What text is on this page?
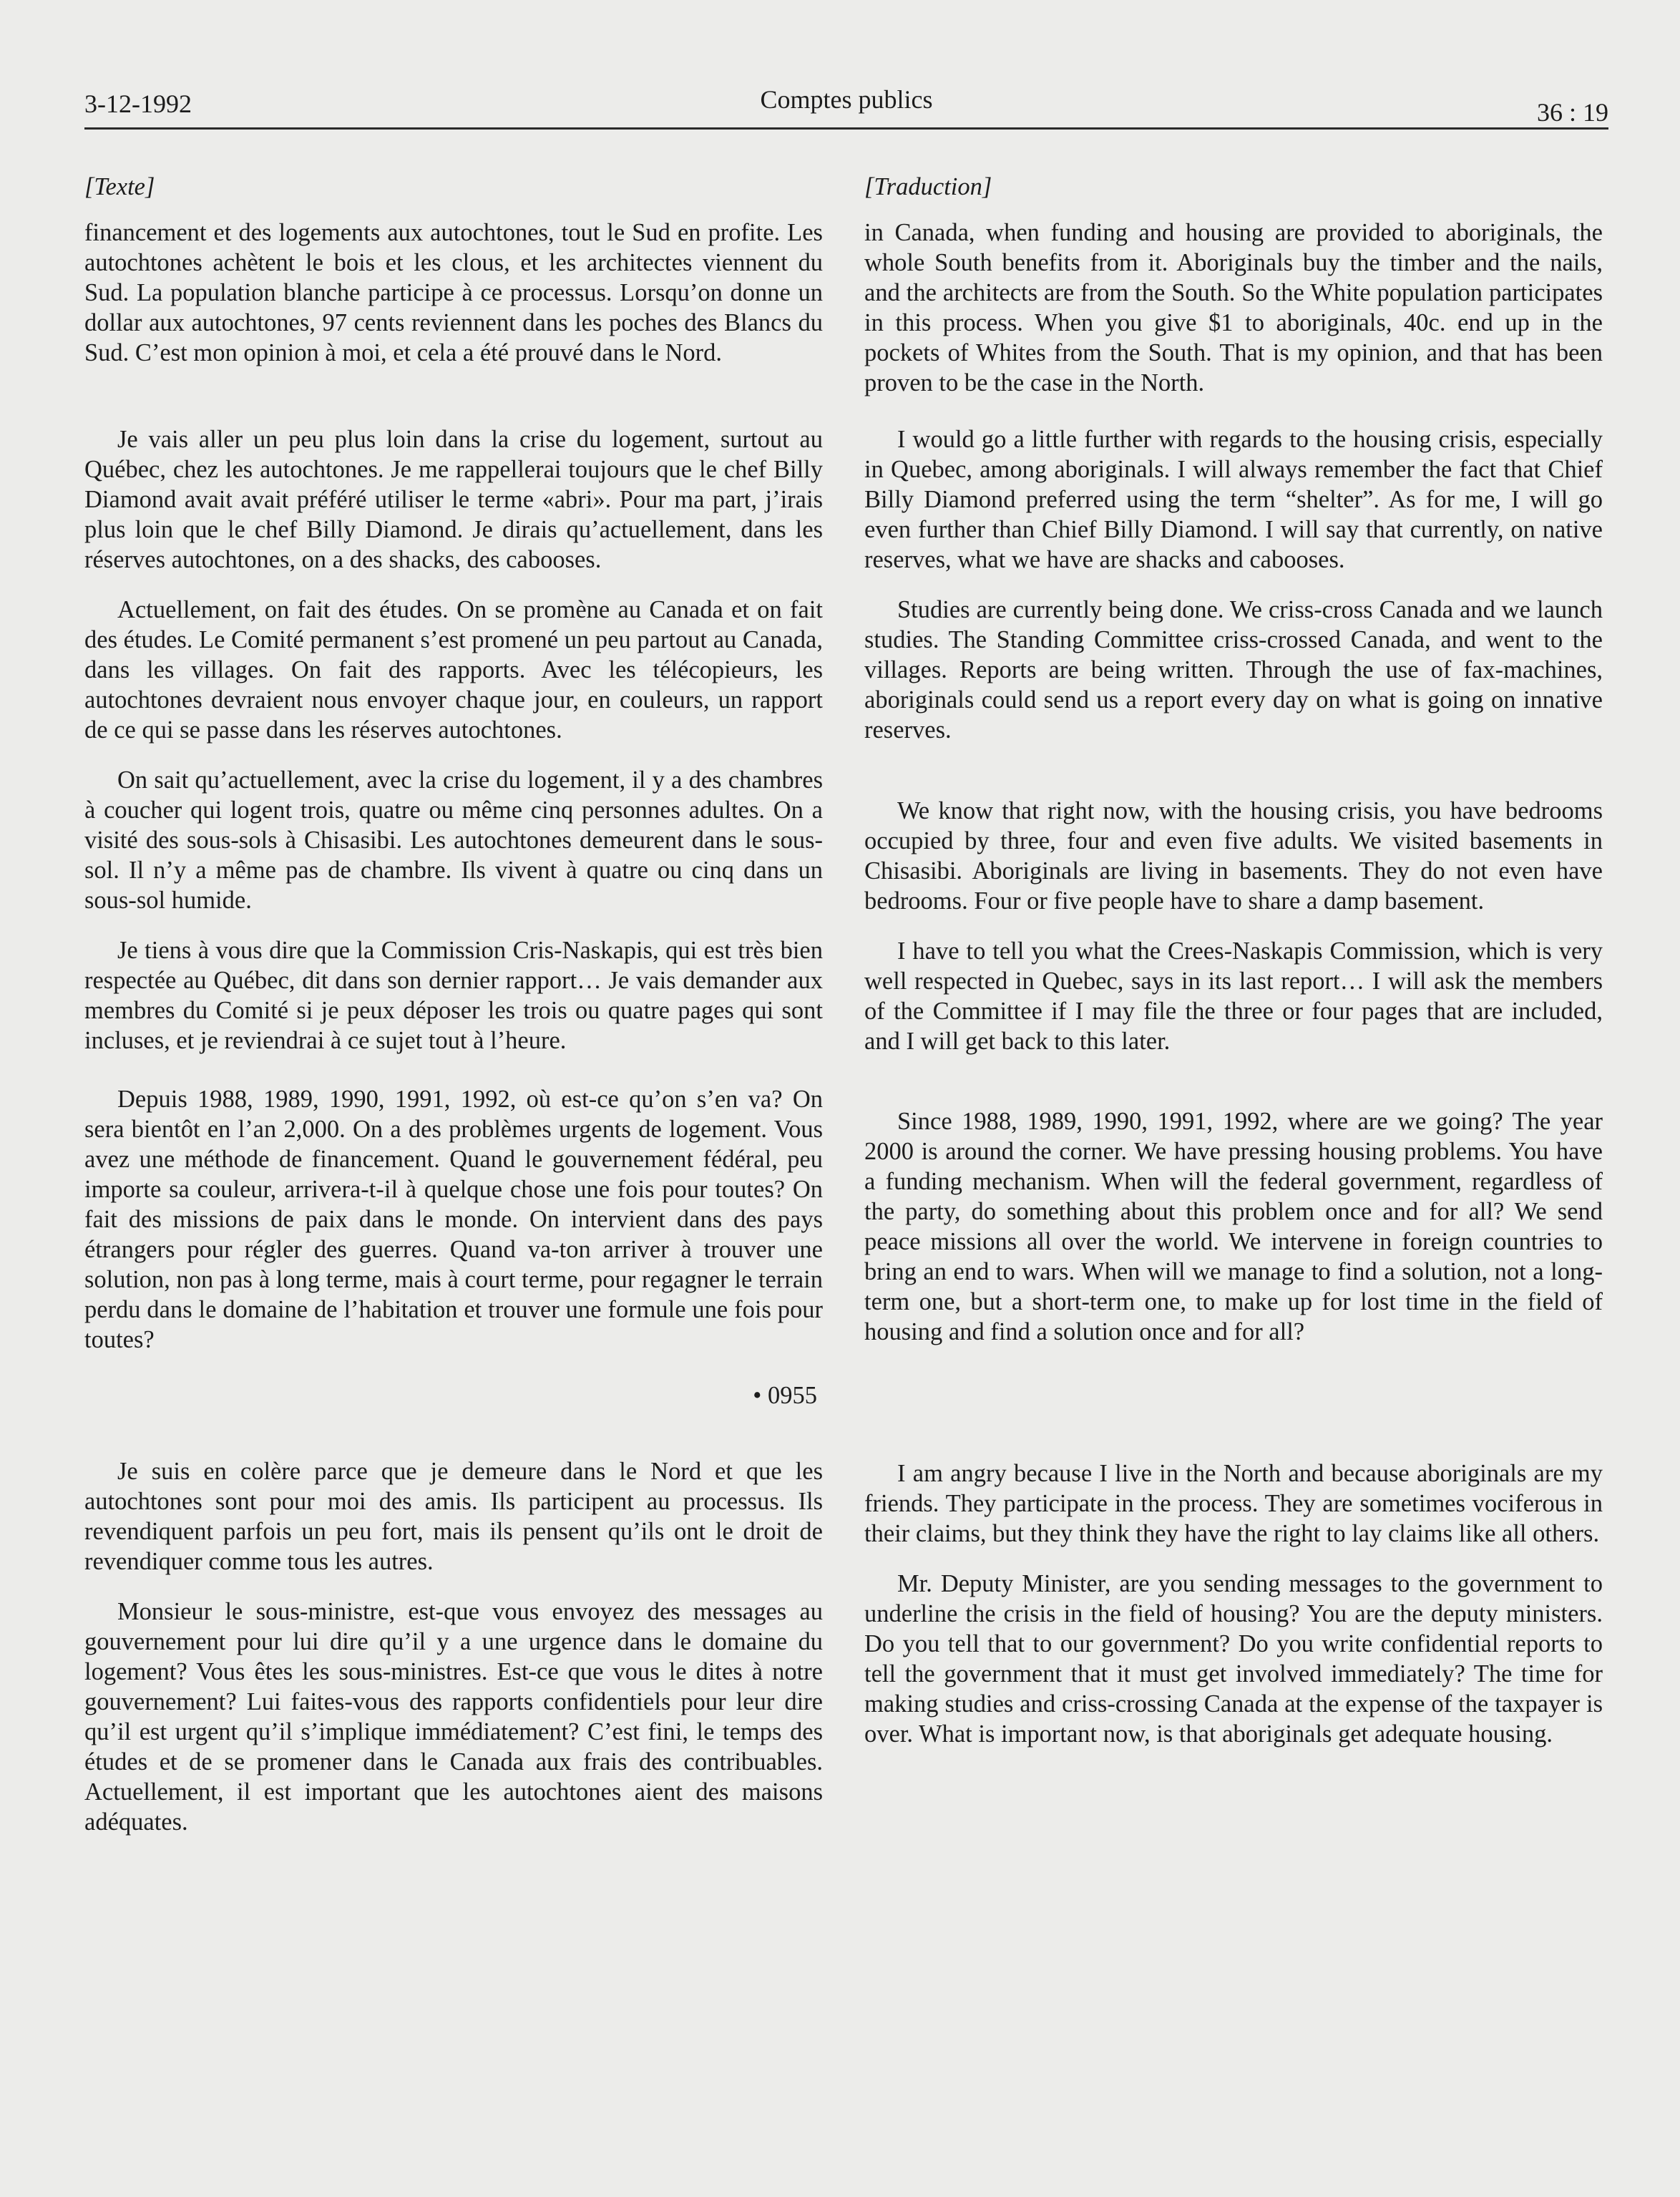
3-12-1992	Comptes publics	36 : 19
[Texte]

financement et des logements aux autochtones, tout le Sud en profite. Les autochtones achètent le bois et les clous, et les architectes viennent du Sud. La population blanche participe à ce processus. Lorsqu’on donne un dollar aux autochtones, 97 cents reviennent dans les poches des Blancs du Sud. C’est mon opinion à moi, et cela a été prouvé dans le Nord.

Je vais aller un peu plus loin dans la crise du logement, surtout au Québec, chez les autochtones. Je me rappellerai toujours que le chef Billy Diamond avait avait préféré utiliser le terme «abri». Pour ma part, j’irais plus loin que le chef Billy Diamond. Je dirais qu’actuellement, dans les réserves autochtones, on a des shacks, des cabooses.

Actuellement, on fait des études. On se promène au Canada et on fait des études. Le Comité permanent s’est promené un peu partout au Canada, dans les villages. On fait des rapports. Avec les télécopieurs, les autochtones devraient nous envoyer chaque jour, en couleurs, un rapport de ce qui se passe dans les réserves autochtones.

On sait qu’actuellement, avec la crise du logement, il y a des chambres à coucher qui logent trois, quatre ou même cinq personnes adultes. On a visité des sous-sols à Chisasibi. Les autochtones demeurent dans le sous-sol. Il n’y a même pas de chambre. Ils vivent à quatre ou cinq dans un sous-sol humide.

Je tiens à vous dire que la Commission Cris-Naskapis, qui est très bien respectée au Québec, dit dans son dernier rapport… Je vais demander aux membres du Comité si je peux déposer les trois ou quatre pages qui sont incluses, et je reviendrai à ce sujet tout à l’heure.

Depuis 1988, 1989, 1990, 1991, 1992, où est-ce qu’on s’en va? On sera bientôt en l’an 2,000. On a des problèmes urgents de logement. Vous avez une méthode de financement. Quand le gouvernement fédéral, peu importe sa couleur, arrivera-t-il à quelque chose une fois pour toutes? On fait des missions de paix dans le monde. On intervient dans des pays étrangers pour régler des guerres. Quand va-ton arriver à trouver une solution, non pas à long terme, mais à court terme, pour regagner le terrain perdu dans le domaine de l’habitation et trouver une formule une fois pour toutes?

• 0955

Je suis en colère parce que je demeure dans le Nord et que les autochtones sont pour moi des amis. Ils participent au processus. Ils revendiquent parfois un peu fort, mais ils pensent qu’ils ont le droit de revendiquer comme tous les autres.

Monsieur le sous-ministre, est-que vous envoyez des messages au gouvernement pour lui dire qu’il y a une urgence dans le domaine du logement? Vous êtes les sous-ministres. Est-ce que vous le dites à notre gouvernement? Lui faites-vous des rapports confidentiels pour leur dire qu’il est urgent qu’il s’implique immédiatement? C’est fini, le temps des études et de se promener dans le Canada aux frais des contribuables. Actuellement, il est important que les autochtones aient des maisons adéquates.

[Traduction]

in Canada, when funding and housing are provided to aboriginals, the whole South benefits from it. Aboriginals buy the timber and the nails, and the architects are from the South. So the White population participates in this process. When you give $1 to aboriginals, 40c. end up in the pockets of Whites from the South. That is my opinion, and that has been proven to be the case in the North.

I would go a little further with regards to the housing crisis, especially in Quebec, among aboriginals. I will always remember the fact that Chief Billy Diamond preferred using the term “shelter”. As for me, I will go even further than Chief Billy Diamond. I will say that currently, on native reserves, what we have are shacks and cabooses.

Studies are currently being done. We criss-cross Canada and we launch studies. The Standing Committee criss-crossed Canada, and went to the villages. Reports are being written. Through the use of fax-machines, aboriginals could send us a report every day on what is going on innative reserves.

We know that right now, with the housing crisis, you have bedrooms occupied by three, four and even five adults. We visited basements in Chisasibi. Aboriginals are living in basements. They do not even have bedrooms. Four or five people have to share a damp basement.

I have to tell you what the Crees-Naskapis Commission, which is very well respected in Quebec, says in its last report… I will ask the members of the Committee if I may file the three or four pages that are included, and I will get back to this later.

Since 1988, 1989, 1990, 1991, 1992, where are we going? The year 2000 is around the corner. We have pressing housing problems. You have a funding mechanism. When will the federal government, regardless of the party, do something about this problem once and for all? We send peace missions all over the world. We intervene in foreign countries to bring an end to wars. When will we manage to find a solution, not a long-term one, but a short-term one, to make up for lost time in the field of housing and find a solution once and for all?

I am angry because I live in the North and because aboriginals are my friends. They participate in the process. They are sometimes vociferous in their claims, but they think they have the right to lay claims like all others.

Mr. Deputy Minister, are you sending messages to the government to underline the crisis in the field of housing? You are the deputy ministers. Do you tell that to our government? Do you write confidential reports to tell the government that it must get involved immediately? The time for making studies and criss-crossing Canada at the expense of the taxpayer is over. What is important now, is that aboriginals get adequate housing.
